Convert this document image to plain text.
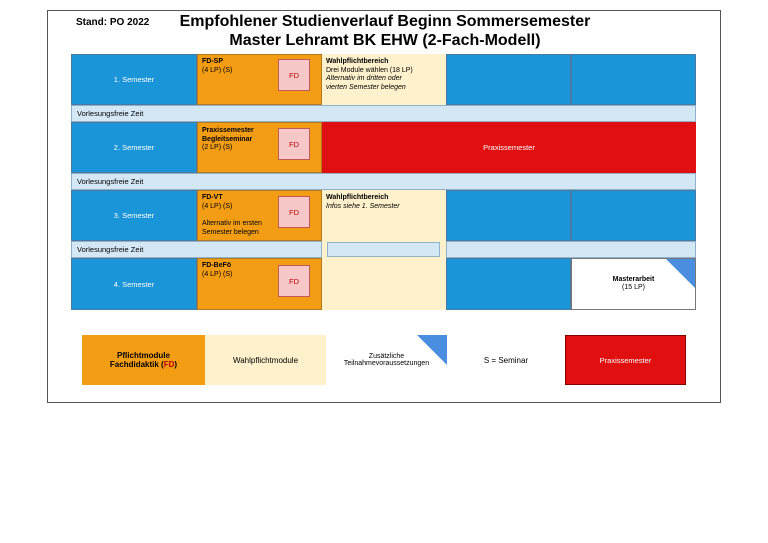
Stand: PO 2022	Empfohlener Studienverlauf Beginn Sommersemester
Master Lehramt BK EHW (2-Fach-Modell)
1. Semester
FD-SP
(4 LP) (S)
FD
Wahlpflichtbereich
Drei Module wählen (18 LP)
Alternativ im dritten oder
vierten Semester belegen
Vorlesungsfreie Zeit
2. Semester
Praxissemester
Begleitseminar
(2 LP) (S)	FD	Praxissemester
Vorlesungsfreie Zeit
3. Semester
FD-VT
(4 LP) (S)
Alternativ im ersten
Semester belegen
FD
Wahlpflichtbereich
Infos siehe 1. Semester
Vorlesungsfreie Zeit
4. Semester
FD-BeFö
(4 LP) (S)
FD	Masterarbeit
(15 LP)
Pflichtmodule
Fachdidaktik (FD)	Wahlpflichtmodule	Zusätzliche
Teilnahmevoraussetzungen	S = Seminar	Praxissemester
